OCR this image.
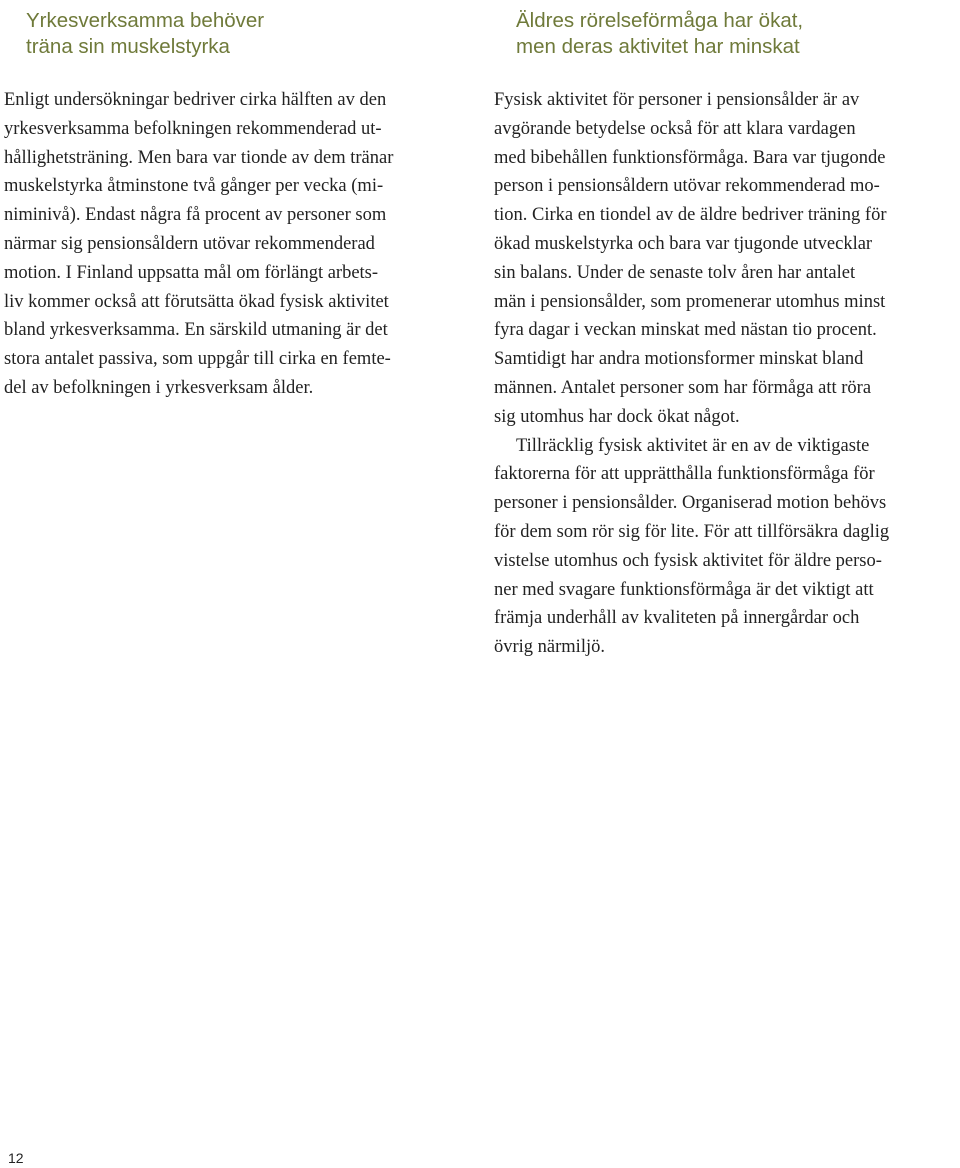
Yrkesverksamma behöver
träna sin muskelstyrka

Enligt undersökningar bedriver cirka hälften av den
yrkesverksamma befolkningen rekommenderad ut-
hållighetsträning. Men bara var tionde av dem tränar
muskelstyrka åtminstone två gånger per vecka (mi-
niminivå). Endast några få procent av personer som
närmar sig pensionsåldern utövar rekommenderad
motion. I Finland uppsatta mål om förlängt arbets-
liv kommer också att förutsätta ökad fysisk aktivitet
bland yrkesverksamma. En särskild utmaning är det
stora antalet passiva, som uppgår till cirka en femte-
del av befolkningen i yrkesverksam ålder.

Äldres rörelseförmåga har ökat,
men deras aktivitet har minskat

Fysisk aktivitet för personer i pensionsålder är av
avgörande betydelse också för att klara vardagen
med bibehållen funktionsförmåga. Bara var tjugonde
person i pensionsåldern utövar rekommenderad mo-
tion. Cirka en tiondel av de äldre bedriver träning för
ökad muskelstyrka och bara var tjugonde utvecklar
sin balans. Under de senaste tolv åren har antalet
män i pensionsålder, som promenerar utomhus minst
fyra dagar i veckan minskat med nästan tio procent.
Samtidigt har andra motionsformer minskat bland
männen. Antalet personer som har förmåga att röra
sig utomhus har dock ökat något.
Tillräcklig fysisk aktivitet är en av de viktigaste
faktorerna för att upprätthålla funktionsförmåga för
personer i pensionsålder. Organiserad motion behövs
för dem som rör sig för lite. För att tillförsäkra daglig
vistelse utomhus och fysisk aktivitet för äldre perso-
ner med svagare funktionsförmåga är det viktigt att
främja underhåll av kvaliteten på innergårdar och
övrig närmiljö.

12
